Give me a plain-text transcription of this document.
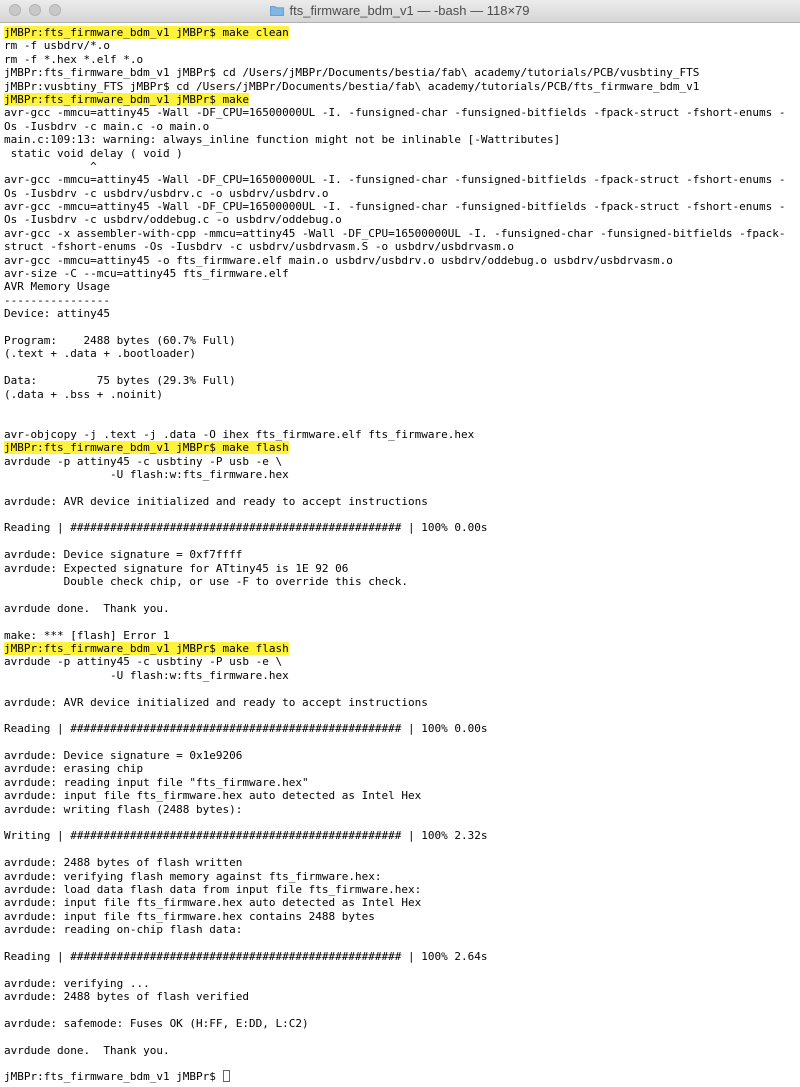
fts_firmware_bdm_v1 — -bash — 118×79
jMBPr:fts_firmware_bdm_v1 jMBPr$ make clean
rm -f usbdrv/*.o
rm -f *.hex *.elf *.o
jMBPr:fts_firmware_bdm_v1 jMBPr$ cd /Users/jMBPr/Documents/bestia/fab\ academy/tutorials/PCB/vusbtiny_FTS
jMBPr:vusbtiny_FTS jMBPr$ cd /Users/jMBPr/Documents/bestia/fab\ academy/tutorials/PCB/fts_firmware_bdm_v1
jMBPr:fts_firmware_bdm_v1 jMBPr$ make
avr-gcc -mmcu=attiny45 -Wall -DF_CPU=16500000UL -I. -funsigned-char -funsigned-bitfields -fpack-struct -fshort-enums -
Os -Iusbdrv -c main.c -o main.o
main.c:109:13: warning: always_inline function might not be inlinable [-Wattributes]
static void delay ( void )
^
avr-gcc -mmcu=attiny45 -Wall -DF_CPU=16500000UL -I. -funsigned-char -funsigned-bitfields -fpack-struct -fshort-enums -
Os -Iusbdrv -c usbdrv/usbdrv.c -o usbdrv/usbdrv.o
avr-gcc -mmcu=attiny45 -Wall -DF_CPU=16500000UL -I. -funsigned-char -funsigned-bitfields -fpack-struct -fshort-enums -
Os -Iusbdrv -c usbdrv/oddebug.c -o usbdrv/oddebug.o
avr-gcc -x assembler-with-cpp -mmcu=attiny45 -Wall -DF_CPU=16500000UL -I. -funsigned-char -funsigned-bitfields -fpack-
struct -fshort-enums -Os -Iusbdrv -c usbdrv/usbdrvasm.S -o usbdrv/usbdrvasm.o
avr-gcc -mmcu=attiny45 -o fts_firmware.elf main.o usbdrv/usbdrv.o usbdrv/oddebug.o usbdrv/usbdrvasm.o
avr-size -C --mcu=attiny45 fts_firmware.elf
AVR Memory Usage
----------------
Device: attiny45
Program:    2488 bytes (60.7% Full)
(.text + .data + .bootloader)
Data:         75 bytes (29.3% Full)
(.data + .bss + .noinit)
avr-objcopy -j .text -j .data -O ihex fts_firmware.elf fts_firmware.hex
jMBPr:fts_firmware_bdm_v1 jMBPr$ make flash
avrdude -p attiny45 -c usbtiny -P usb -e \
-U flash:w:fts_firmware.hex
avrdude: AVR device initialized and ready to accept instructions
Reading | ################################################## | 100% 0.00s
avrdude: Device signature = 0xf7ffff
avrdude: Expected signature for ATtiny45 is 1E 92 06
Double check chip, or use -F to override this check.
avrdude done.  Thank you.
make: *** [flash] Error 1
jMBPr:fts_firmware_bdm_v1 jMBPr$ make flash
avrdude -p attiny45 -c usbtiny -P usb -e \
-U flash:w:fts_firmware.hex
avrdude: AVR device initialized and ready to accept instructions
Reading | ################################################## | 100% 0.00s
avrdude: Device signature = 0x1e9206
avrdude: erasing chip
avrdude: reading input file "fts_firmware.hex"
avrdude: input file fts_firmware.hex auto detected as Intel Hex
avrdude: writing flash (2488 bytes):
Writing | ################################################## | 100% 2.32s
avrdude: 2488 bytes of flash written
avrdude: verifying flash memory against fts_firmware.hex:
avrdude: load data flash data from input file fts_firmware.hex:
avrdude: input file fts_firmware.hex auto detected as Intel Hex
avrdude: input file fts_firmware.hex contains 2488 bytes
avrdude: reading on-chip flash data:
Reading | ################################################## | 100% 2.64s
avrdude: verifying ...
avrdude: 2488 bytes of flash verified
avrdude: safemode: Fuses OK (H:FF, E:DD, L:C2)
avrdude done.  Thank you.
jMBPr:fts_firmware_bdm_v1 jMBPr$
